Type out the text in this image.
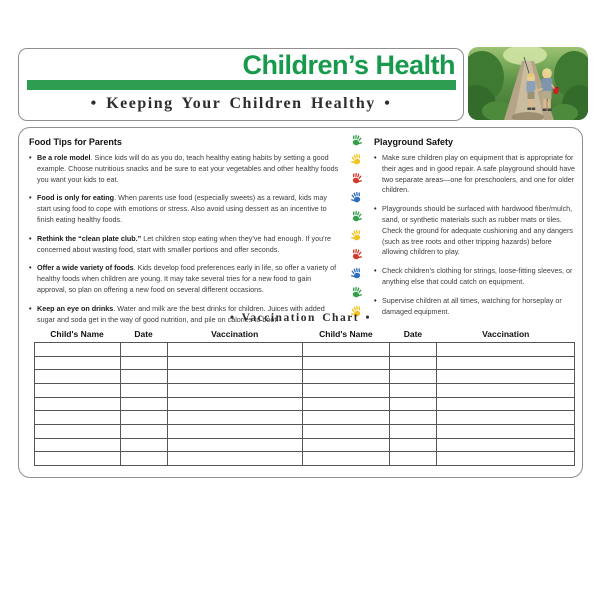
Children’s Health
• Keeping Your Children Healthy •

Food Tips for Parents

• Be a role model. Since kids will do as you do, teach healthy eating habits by setting a good example. Choose nutritious snacks and be sure to eat your vegetables and other healthy foods you want your kids to eat.
• Food is only for eating. When parents use food (especially sweets) as a reward, kids may start using food to cope with emotions or stress. Also avoid using dessert as an incentive to finish eating healthy foods.
• Rethink the “clean plate club.” Let children stop eating when they’ve had enough. If you’re concerned about wasting food, start with smaller portions and offer seconds.
• Offer a wide variety of foods. Kids develop food preferences early in life, so offer a variety of healthy foods when children are young. It may take several tries for a new food to gain approval, so plan on offering a new food on several different occasions.
• Keep an eye on drinks. Water and milk are the best drinks for children. Juices with added sugar and soda get in the way of good nutrition, and pile on calories to boot.

Playground Safety

• Make sure children play on equipment that is appropriate for their ages and in good repair. A safe playground should have two separate areas—one for preschoolers, and one for older children.
• Playgrounds should be surfaced with hardwood fiber/mulch, sand, or synthetic materials such as rubber mats or tiles. Check the ground for adequate cushioning and any dangers (such as tree roots and other tripping hazards) before allowing children to play.
• Check children’s clothing for strings, loose-fitting sleeves, or anything else that could catch on equipment.
• Supervise children at all times, watching for horseplay or damaged equipment.
• Vaccination Chart •
Child's Name	Date	Vaccination	Child's Name	Date	Vaccination
